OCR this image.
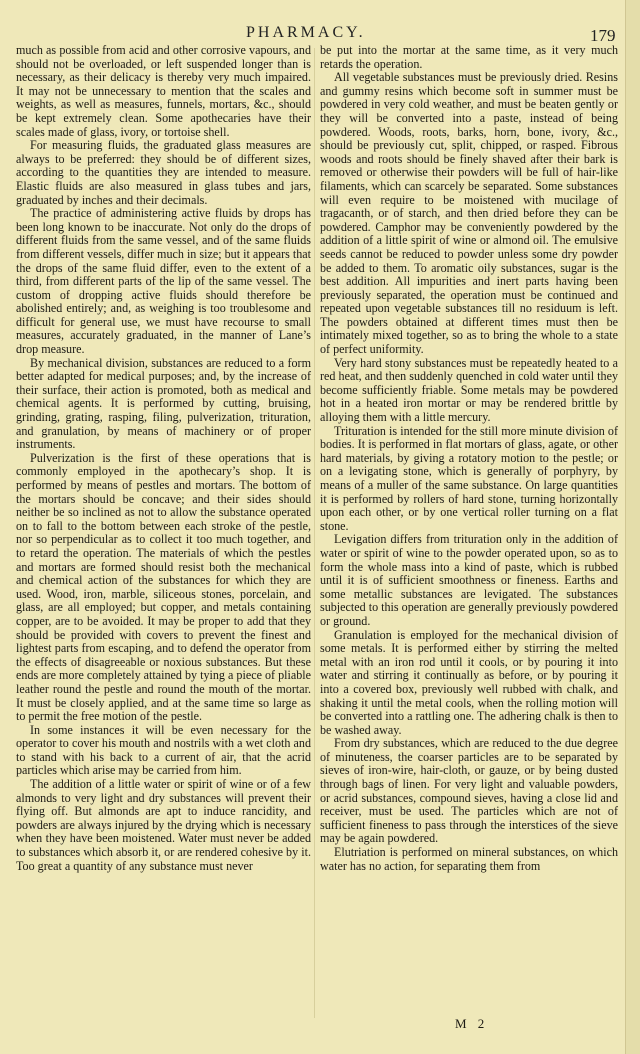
PHARMACY.	179

much as possible from acid and other corrosive vapours, and should not be overloaded, or left suspended longer than is necessary, as their delicacy is thereby very much impaired. It may not be unnecessary to mention that the scales and weights, as well as measures, funnels, mortars, &c., should be kept extremely clean. Some apothecaries have their scales made of glass, ivory, or tortoise shell.

For measuring fluids, the graduated glass measures are always to be preferred: they should be of different sizes, according to the quantities they are intended to measure. Elastic fluids are also measured in glass tubes and jars, graduated by inches and their decimals.

The practice of administering active fluids by drops has been long known to be inaccurate. Not only do the drops of different fluids from the same vessel, and of the same fluids from different vessels, differ much in size; but it appears that the drops of the same fluid differ, even to the extent of a third, from different parts of the lip of the same vessel. The custom of dropping active fluids should therefore be abolished entirely; and, as weighing is too troublesome and difficult for general use, we must have recourse to small measures, accurately graduated, in the manner of Lane’s drop measure.

By mechanical division, substances are reduced to a form better adapted for medical purposes; and, by the increase of their surface, their action is promoted, both as medical and chemical agents. It is performed by cutting, bruising, grinding, grating, rasping, filing, pulverization, trituration, and granulation, by means of machinery or of proper instruments.

Pulverization is the first of these operations that is commonly employed in the apothecary’s shop. It is performed by means of pestles and mortars. The bottom of the mortars should be concave; and their sides should neither be so inclined as not to allow the substance operated on to fall to the bottom between each stroke of the pestle, nor so perpendicular as to collect it too much together, and to retard the operation. The materials of which the pestles and mortars are formed should resist both the mechanical and chemical action of the substances for which they are used. Wood, iron, marble, siliceous stones, porcelain, and glass, are all employed; but copper, and metals containing copper, are to be avoided. It may be proper to add that they should be provided with covers to prevent the finest and lightest parts from escaping, and to defend the operator from the effects of disagreeable or noxious substances. But these ends are more completely attained by tying a piece of pliable leather round the pestle and round the mouth of the mortar. It must be closely applied, and at the same time so large as to permit the free motion of the pestle.

In some instances it will be even necessary for the operator to cover his mouth and nostrils with a wet cloth and to stand with his back to a current of air, that the acrid particles which arise may be carried from him.

The addition of a little water or spirit of wine or of a few almonds to very light and dry substances will prevent their flying off. But almonds are apt to induce rancidity, and powders are always injured by the drying which is necessary when they have been moistened. Water must never be added to substances which absorb it, or are rendered cohesive by it. Too great a quantity of any substance must never

be put into the mortar at the same time, as it very much retards the operation.

All vegetable substances must be previously dried. Resins and gummy resins which become soft in summer must be powdered in very cold weather, and must be beaten gently or they will be converted into a paste, instead of being powdered. Woods, roots, barks, horn, bone, ivory, &c., should be previously cut, split, chipped, or rasped. Fibrous woods and roots should be finely shaved after their bark is removed or otherwise their powders will be full of hair-like filaments, which can scarcely be separated. Some substances will even require to be moistened with mucilage of tragacanth, or of starch, and then dried before they can be powdered. Camphor may be conveniently powdered by the addition of a little spirit of wine or almond oil. The emulsive seeds cannot be reduced to powder unless some dry powder be added to them. To aromatic oily substances, sugar is the best addition. All impurities and inert parts having been previously separated, the operation must be continued and repeated upon vegetable substances till no residuum is left. The powders obtained at different times must then be intimately mixed together, so as to bring the whole to a state of perfect uniformity.

Very hard stony substances must be repeatedly heated to a red heat, and then suddenly quenched in cold water until they become sufficiently friable. Some metals may be powdered hot in a heated iron mortar or may be rendered brittle by alloying them with a little mercury.

Trituration is intended for the still more minute division of bodies. It is performed in flat mortars of glass, agate, or other hard materials, by giving a rotatory motion to the pestle; or on a levigating stone, which is generally of porphyry, by means of a muller of the same substance. On large quantities it is performed by rollers of hard stone, turning horizontally upon each other, or by one vertical roller turning on a flat stone.

Levigation differs from trituration only in the addition of water or spirit of wine to the powder operated upon, so as to form the whole mass into a kind of paste, which is rubbed until it is of sufficient smoothness or fineness. Earths and some metallic substances are levigated. The substances subjected to this operation are generally previously powdered or ground.

Granulation is employed for the mechanical division of some metals. It is performed either by stirring the melted metal with an iron rod until it cools, or by pouring it into water and stirring it continually as before, or by pouring it into a covered box, previously well rubbed with chalk, and shaking it until the metal cools, when the rolling motion will be converted into a rattling one. The adhering chalk is then to be washed away.

From dry substances, which are reduced to the due degree of minuteness, the coarser particles are to be separated by sieves of iron-wire, hair-cloth, or gauze, or by being dusted through bags of linen. For very light and valuable powders, or acrid substances, compound sieves, having a close lid and receiver, must be used. The particles which are not of sufficient fineness to pass through the interstices of the sieve may be again powdered.

Elutriation is performed on mineral substances, on which water has no action, for separating them from

M 2
